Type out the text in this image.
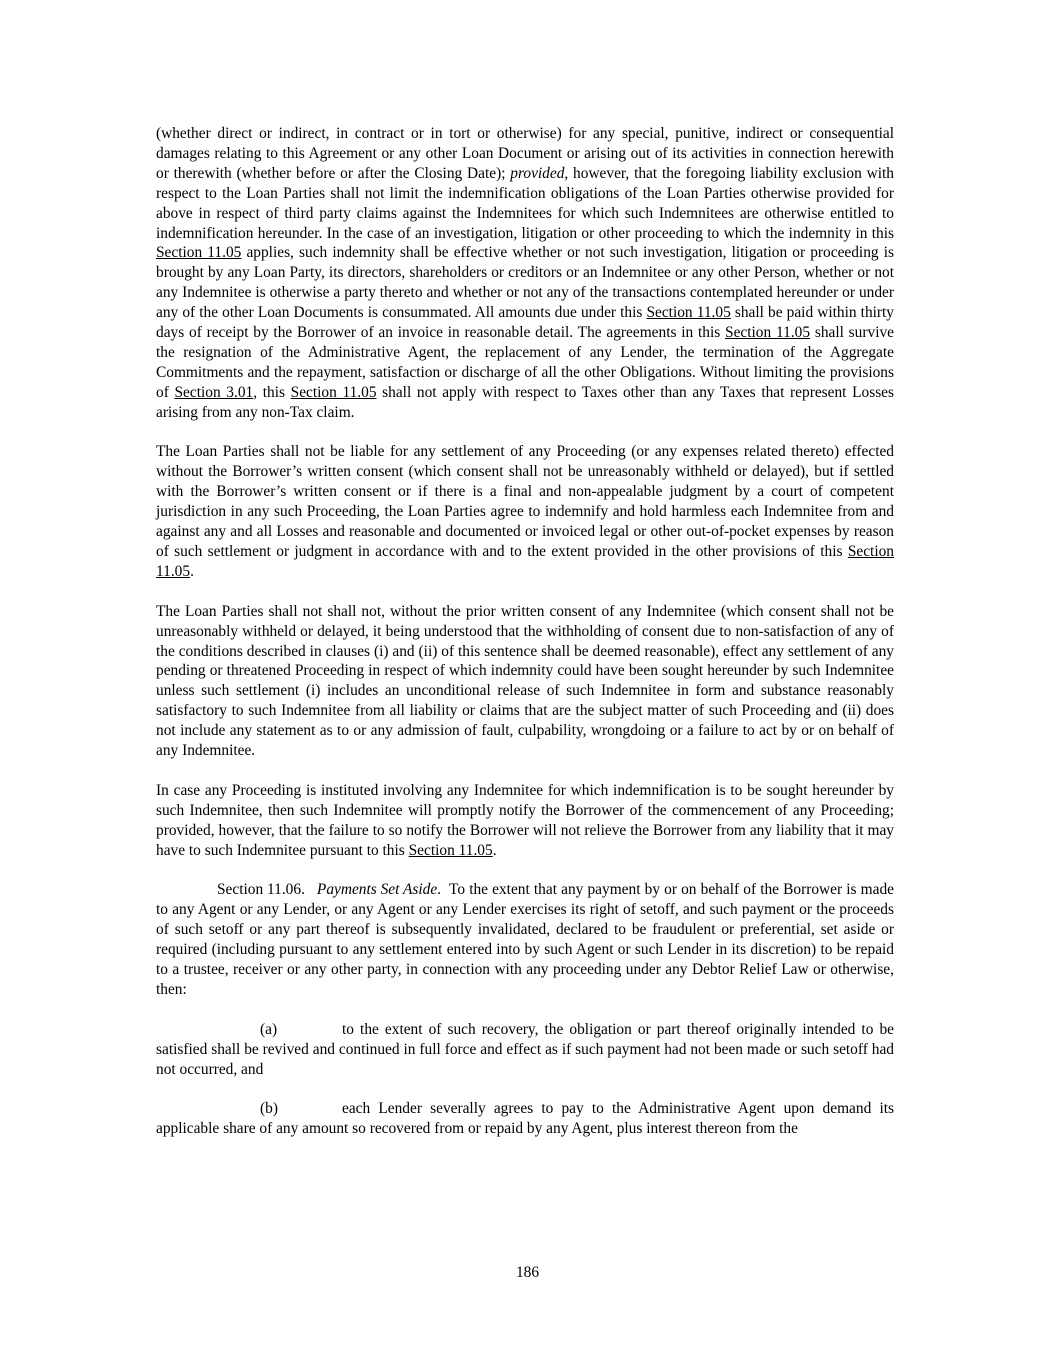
(whether direct or indirect, in contract or in tort or otherwise) for any special, punitive, indirect or consequential damages relating to this Agreement or any other Loan Document or arising out of its activities in connection herewith or therewith (whether before or after the Closing Date); provided, however, that the foregoing liability exclusion with respect to the Loan Parties shall not limit the indemnification obligations of the Loan Parties otherwise provided for above in respect of third party claims against the Indemnitees for which such Indemnitees are otherwise entitled to indemnification hereunder. In the case of an investigation, litigation or other proceeding to which the indemnity in this Section 11.05 applies, such indemnity shall be effective whether or not such investigation, litigation or proceeding is brought by any Loan Party, its directors, shareholders or creditors or an Indemnitee or any other Person, whether or not any Indemnitee is otherwise a party thereto and whether or not any of the transactions contemplated hereunder or under any of the other Loan Documents is consummated. All amounts due under this Section 11.05 shall be paid within thirty days of receipt by the Borrower of an invoice in reasonable detail. The agreements in this Section 11.05 shall survive the resignation of the Administrative Agent, the replacement of any Lender, the termination of the Aggregate Commitments and the repayment, satisfaction or discharge of all the other Obligations. Without limiting the provisions of Section 3.01, this Section 11.05 shall not apply with respect to Taxes other than any Taxes that represent Losses arising from any non-Tax claim.

The Loan Parties shall not be liable for any settlement of any Proceeding (or any expenses related thereto) effected without the Borrower’s written consent (which consent shall not be unreasonably withheld or delayed), but if settled with the Borrower’s written consent or if there is a final and non-appealable judgment by a court of competent jurisdiction in any such Proceeding, the Loan Parties agree to indemnify and hold harmless each Indemnitee from and against any and all Losses and reasonable and documented or invoiced legal or other out-of-pocket expenses by reason of such settlement or judgment in accordance with and to the extent provided in the other provisions of this Section 11.05.

The Loan Parties shall not shall not, without the prior written consent of any Indemnitee (which consent shall not be unreasonably withheld or delayed, it being understood that the withholding of consent due to non-satisfaction of any of the conditions described in clauses (i) and (ii) of this sentence shall be deemed reasonable), effect any settlement of any pending or threatened Proceeding in respect of which indemnity could have been sought hereunder by such Indemnitee unless such settlement (i) includes an unconditional release of such Indemnitee in form and substance reasonably satisfactory to such Indemnitee from all liability or claims that are the subject matter of such Proceeding and (ii) does not include any statement as to or any admission of fault, culpability, wrongdoing or a failure to act by or on behalf of any Indemnitee.

In case any Proceeding is instituted involving any Indemnitee for which indemnification is to be sought hereunder by such Indemnitee, then such Indemnitee will promptly notify the Borrower of the commencement of any Proceeding; provided, however, that the failure to so notify the Borrower will not relieve the Borrower from any liability that it may have to such Indemnitee pursuant to this Section 11.05.

Section 11.06. Payments Set Aside. To the extent that any payment by or on behalf of the Borrower is made to any Agent or any Lender, or any Agent or any Lender exercises its right of setoff, and such payment or the proceeds of such setoff or any part thereof is subsequently invalidated, declared to be fraudulent or preferential, set aside or required (including pursuant to any settlement entered into by such Agent or such Lender in its discretion) to be repaid to a trustee, receiver or any other party, in connection with any proceeding under any Debtor Relief Law or otherwise, then:

(a)	to the extent of such recovery, the obligation or part thereof originally intended to be satisfied shall be revived and continued in full force and effect as if such payment had not been made or such setoff had not occurred, and

(b)	each Lender severally agrees to pay to the Administrative Agent upon demand its applicable share of any amount so recovered from or repaid by any Agent, plus interest thereon from the

186
